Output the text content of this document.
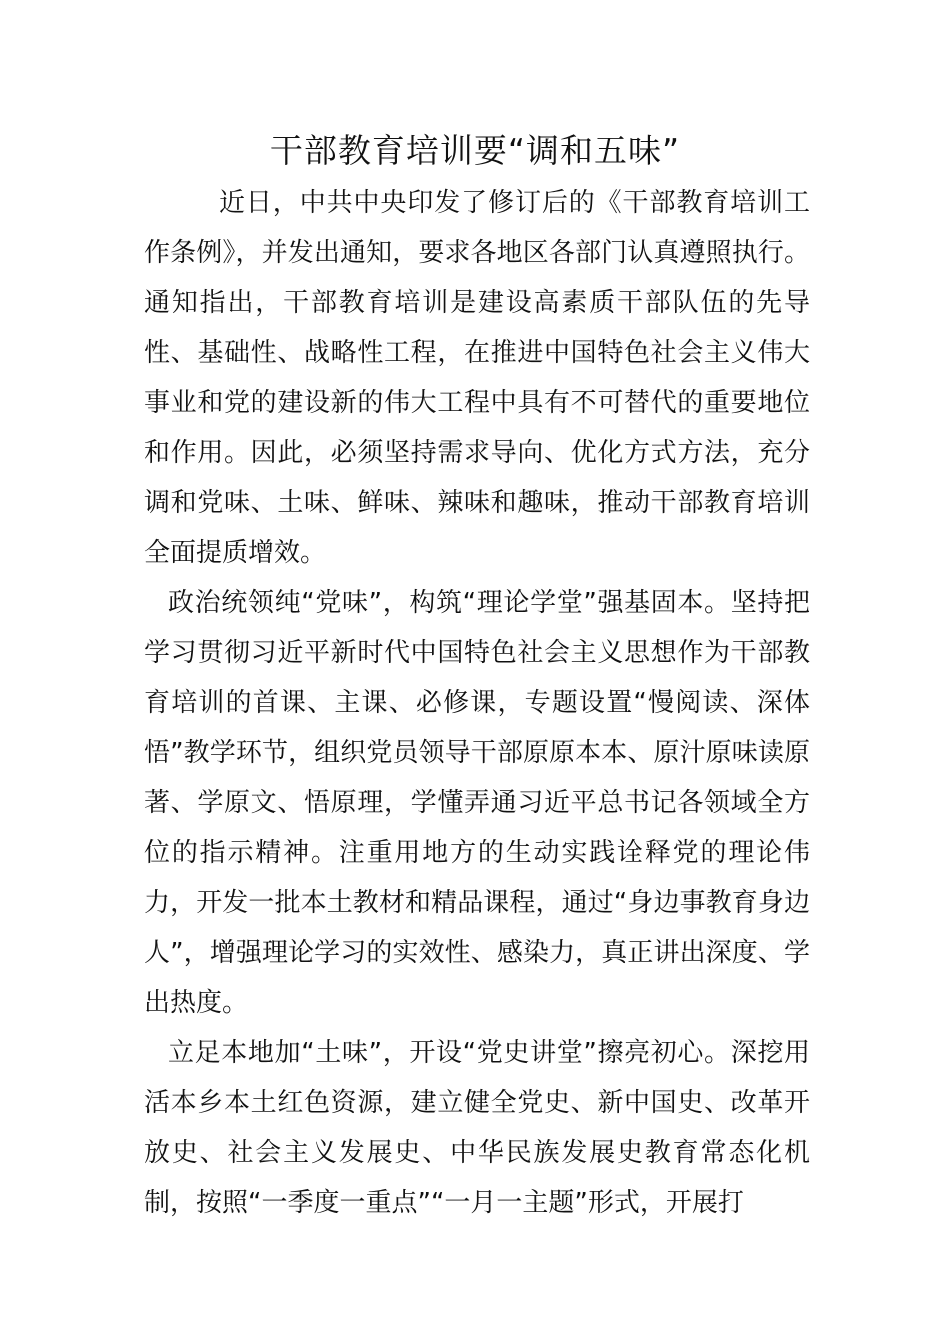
干部教育培训要“调和五味”

近日，中共中央印发了修订后的《干部教育培训工作条例》，并发出通知，要求各地区各部门认真遵照执行。通知指出，干部教育培训是建设高素质干部队伍的先导性、基础性、战略性工程，在推进中国特色社会主义伟大事业和党的建设新的伟大工程中具有不可替代的重要地位和作用。因此，必须坚持需求导向、优化方式方法，充分调和党味、土味、鲜味、辣味和趣味，推动干部教育培训全面提质增效。

政治统领纯“党味”，构筑“理论学堂”强基固本。坚持把学习贯彻习近平新时代中国特色社会主义思想作为干部教育培训的首课、主课、必修课，专题设置“慢阅读、深体悟”教学环节，组织党员领导干部原原本本、原汁原味读原著、学原文、悟原理，学懂弄通习近平总书记各领域全方位的指示精神。注重用地方的生动实践诠释党的理论伟力，开发一批本土教材和精品课程，通过“身边事教育身边人”，增强理论学习的实效性、感染力，真正讲出深度、学出热度。

立足本地加“土味”，开设“党史讲堂”擦亮初心。深挖用活本乡本土红色资源，建立健全党史、新中国史、改革开放史、社会主义发展史、中华民族发展史教育常态化机制，按照“一季度一重点”“一月一主题”形式，开展打
